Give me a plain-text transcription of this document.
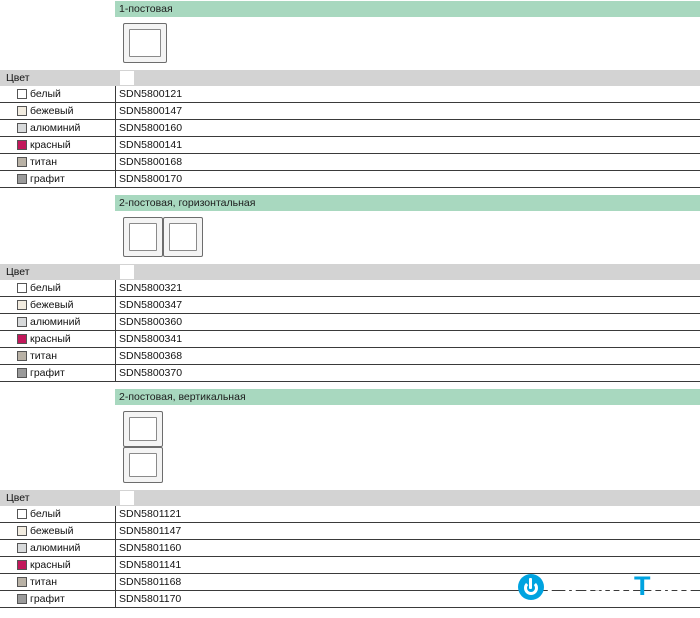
1-постовая
Цвет
белый	SDN5800121
бежевый	SDN5800147
алюминий	SDN5800160
красный	SDN5800141
титан	SDN5800168
графит	SDN5800170
2-постовая, горизонтальная
Цвет
белый	SDN5800321
бежевый	SDN5800347
алюминий	SDN5800360
красный	SDN5800341
титан	SDN5800368
графит	SDN5800370
2-постовая, вертикальная
Цвет
белый	SDN5801121
бежевый	SDN5801147
алюминий	SDN5801160
красный	SDN5801141
титан	SDN5801168
графит	SDN5801170	Electro T org
